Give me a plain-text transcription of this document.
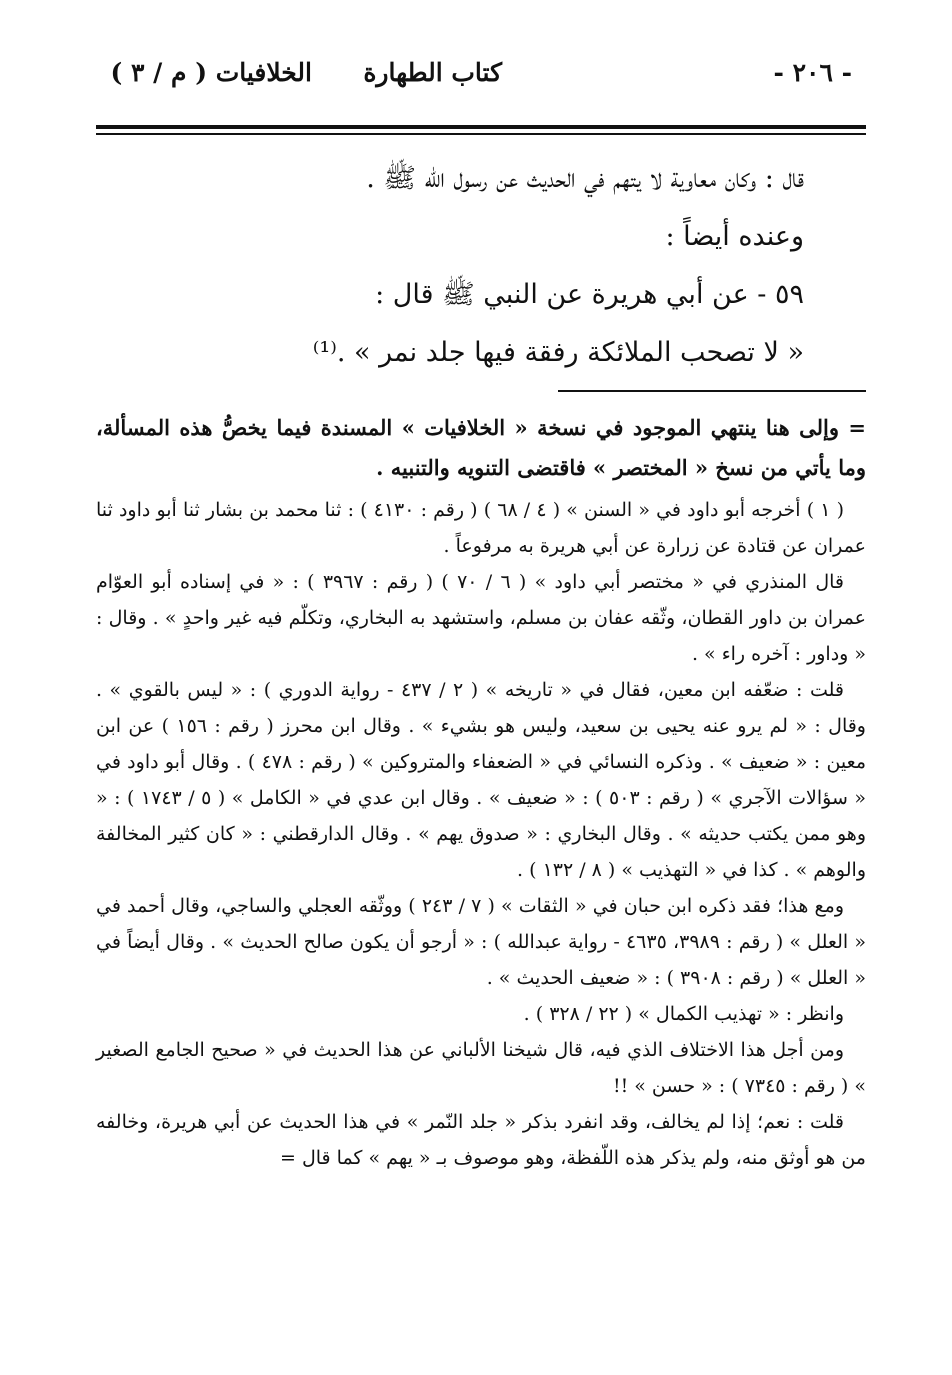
- ٢٠٦ -
كتاب الطهارة
الخلافيات ( م / ٣ )
قال : وكان معاوية لا يتهم في الحديث عن رسول الله ﷺ .
وعنده أيضاً :
٥٩ - عن أبي هريرة عن النبي ﷺ قال :
« لا تصحب الملائكة رفقة فيها جلد نمر » .⁽¹⁾

= وإلى هنا ينتهي الموجود في نسخة « الخلافيات » المسندة فيما يخصُّ هذه المسألة، وما يأتي من نسخ « المختصر » فاقتضى التنويه والتنبيه .

( ١ ) أخرجه أبو داود في « السنن » ( ٤ / ٦٨ ) ( رقم : ٤١٣٠ ) : ثنا محمد بن بشار ثنا أبو داود ثنا عمران عن قتادة عن زرارة عن أبي هريرة به مرفوعاً .

قال المنذري في « مختصر أبي داود » ( ٦ / ٧٠ ) ( رقم : ٣٩٦٧ ) : « في إسناده أبو العوّام عمران بن داور القطان، وثّقه عفان بن مسلم، واستشهد به البخاري، وتكلّم فيه غير واحدٍ » . وقال : « وداور : آخره راء » .

قلت : ضعّفه ابن معين، فقال في « تاريخه » ( ٢ / ٤٣٧ - رواية الدوري ) : « ليس بالقوي » . وقال : « لم يرو عنه يحيى بن سعيد، وليس هو بشيء » . وقال ابن محرز ( رقم : ١٥٦ ) عن ابن معين : « ضعيف » . وذكره النسائي في « الضعفاء والمتروكين » ( رقم : ٤٧٨ ) . وقال أبو داود في « سؤالات الآجري » ( رقم : ٥٠٣ ) : « ضعيف » . وقال ابن عدي في « الكامل » ( ٥ / ١٧٤٣ ) : « وهو ممن يكتب حديثه » . وقال البخاري : « صدوق يهم » . وقال الدارقطني : « كان كثير المخالفة والوهم » . كذا في « التهذيب » ( ٨ / ١٣٢ ) .

ومع هذا؛ فقد ذكره ابن حبان في « الثقات » ( ٧ / ٢٤٣ ) ووثّقه العجلي والساجي، وقال أحمد في « العلل » ( رقم : ٣٩٨٩، ٤٦٣٥ - رواية عبدالله ) : « أرجو أن يكون صالح الحديث » . وقال أيضاً في « العلل » ( رقم : ٣٩٠٨ ) : « ضعيف الحديث » .

وانظر : « تهذيب الكمال » ( ٢٢ / ٣٢٨ ) .

ومن أجل هذا الاختلاف الذي فيه، قال شيخنا الألباني عن هذا الحديث في « صحيح الجامع الصغير » ( رقم : ٧٣٤٥ ) : « حسن » !!

قلت : نعم؛ إذا لم يخالف، وقد انفرد بذكر « جلد النّمر » في هذا الحديث عن أبي هريرة، وخالفه من هو أوثق منه، ولم يذكر هذه اللّفظة، وهو موصوف بـ « يهم » كما قال =
